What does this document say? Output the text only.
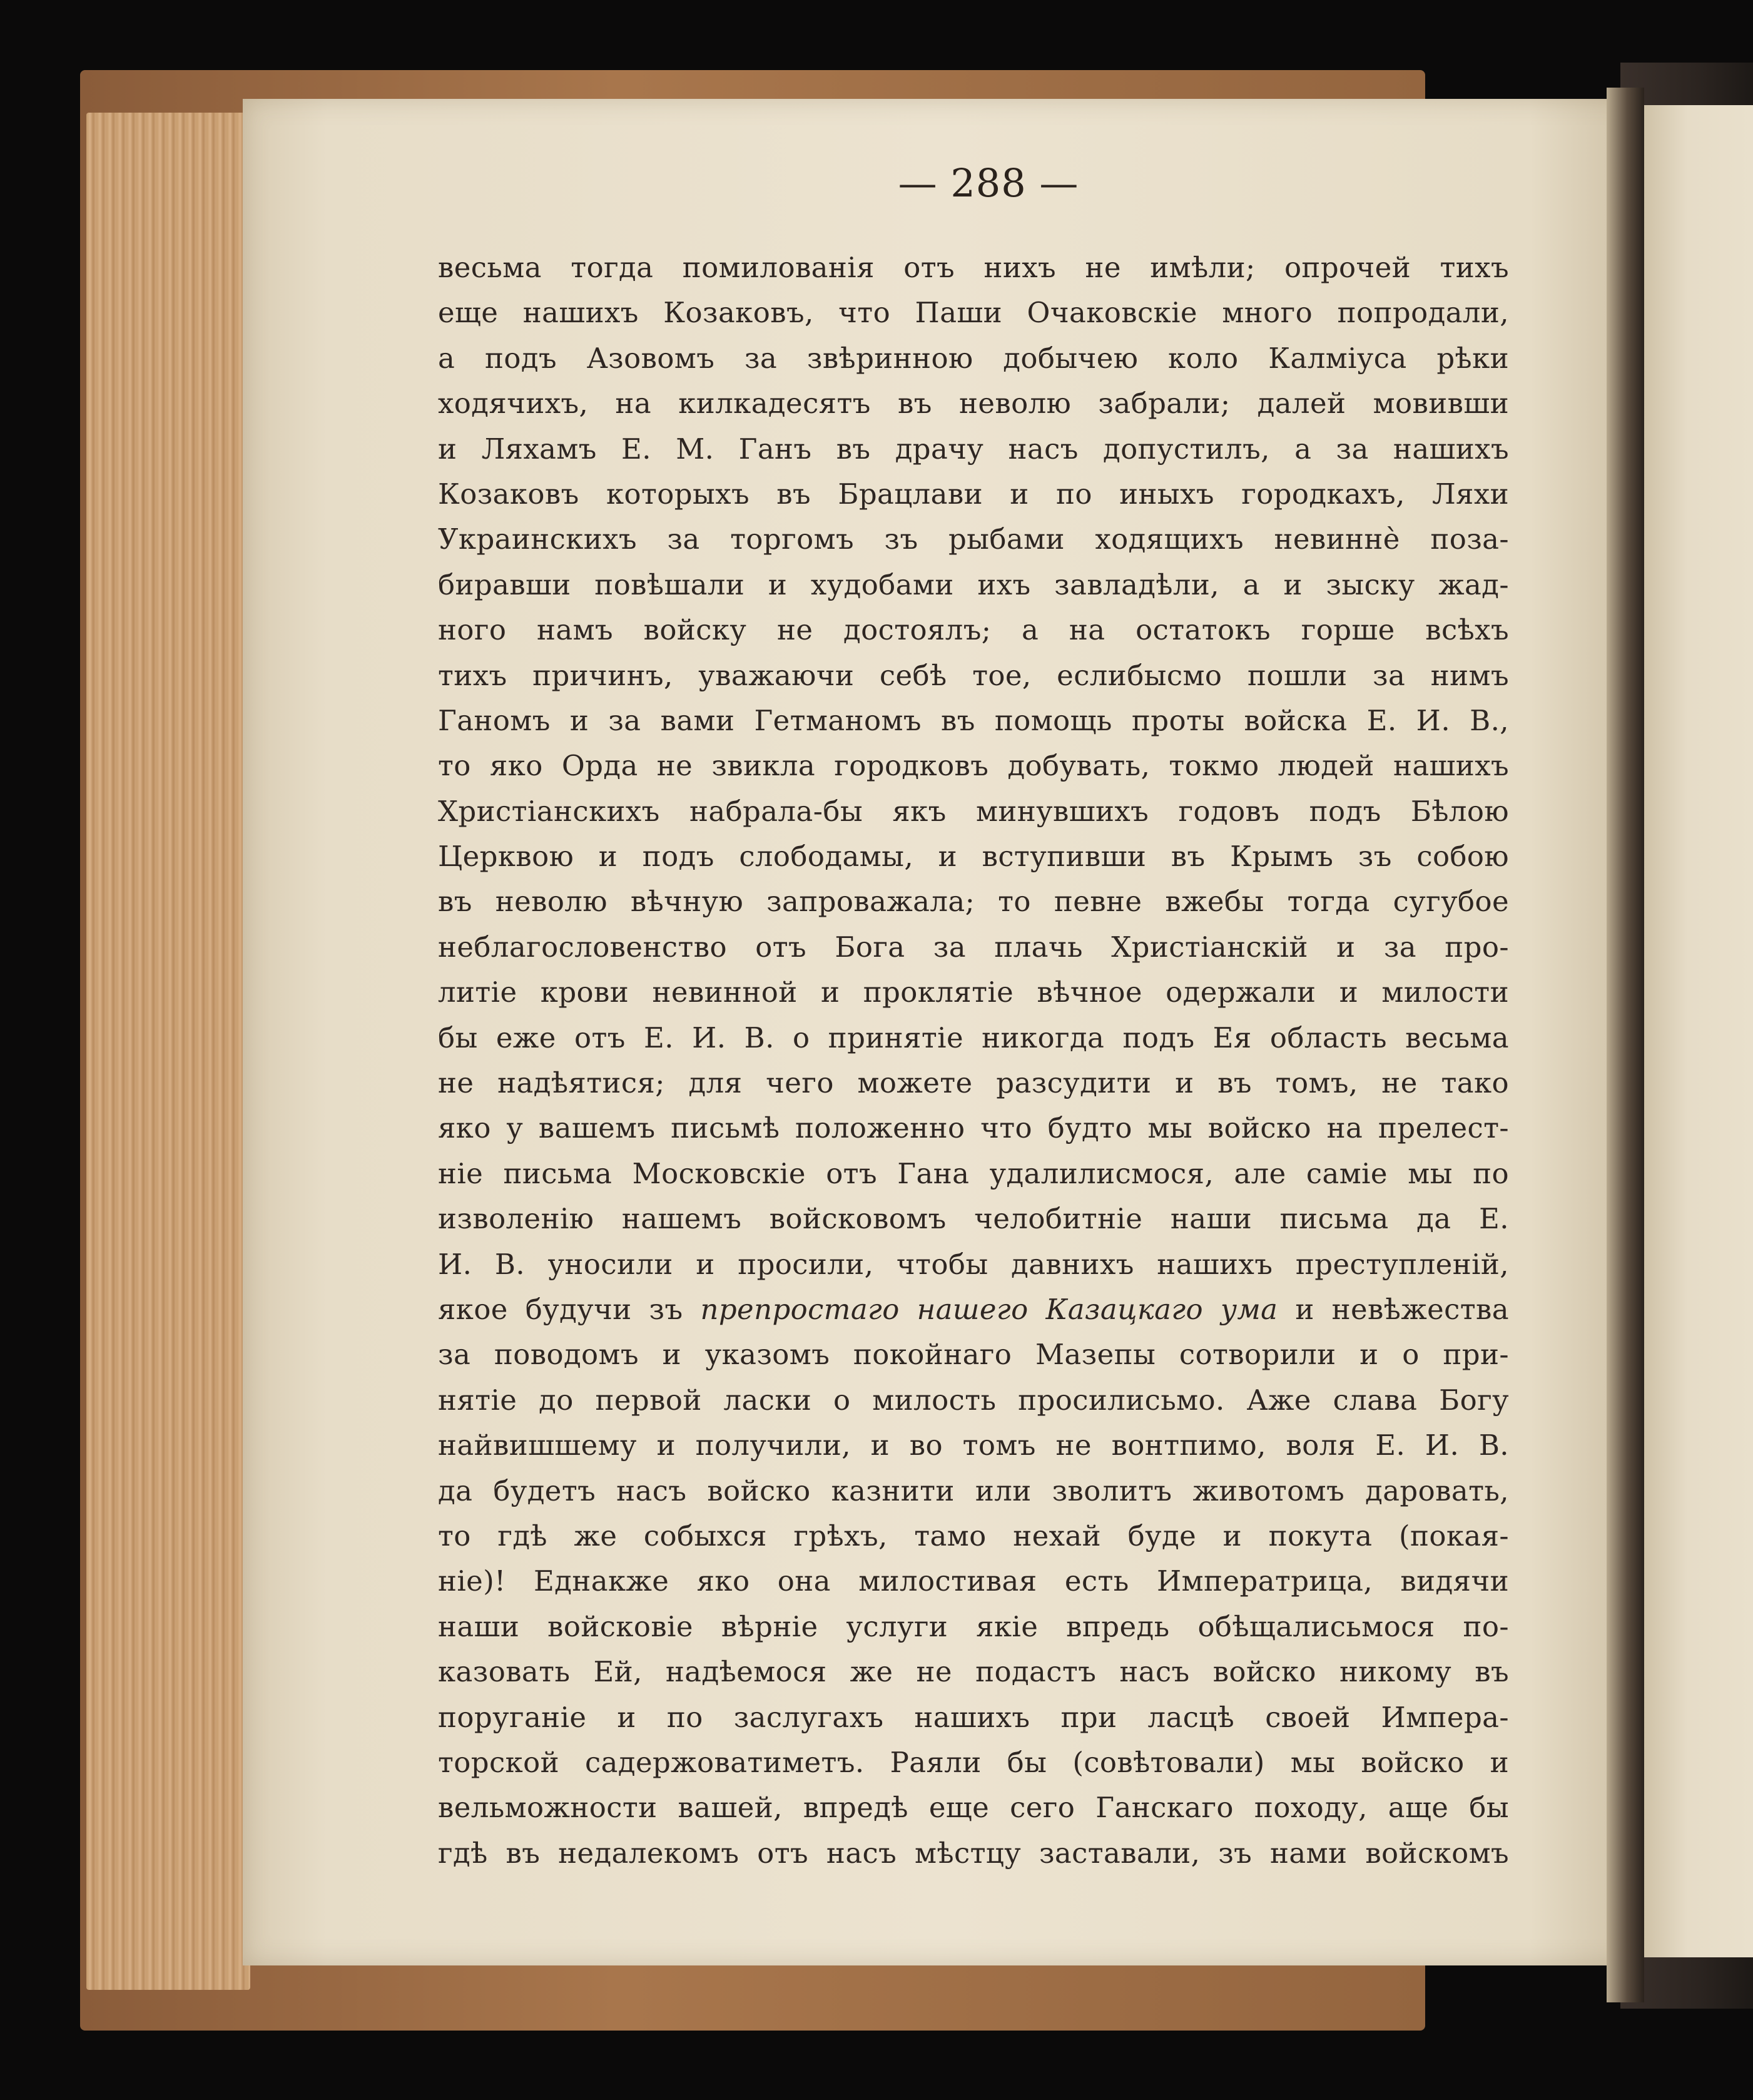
— 288 —
весьма тогда помилованія отъ нихъ не имѣли; опрочей тихъ
еще нашихъ Козаковъ, что Паши Очаковскіе много попродали,
а подъ Азовомъ за звѣринною добычею коло Калміуса рѣки
ходячихъ, на килкадесятъ въ неволю забрали; далей мовивши
и Ляхамъ Е. М. Ганъ въ драчу насъ допустилъ, а за нашихъ
Козаковъ которыхъ въ Брацлави и по иныхъ городкахъ, Ляхи
Украинскихъ за торгомъ зъ рыбами ходящихъ невиннѐ поза-
биравши повѣшали и худобами ихъ завладѣли, а и зыску жад-
ного намъ войску не достоялъ; а на остатокъ горше всѣхъ
тихъ причинъ, уважаючи себѣ тое, еслибысмо пошли за нимъ
Ганомъ и за вами Гетманомъ въ помощь проты войска Е. И. В.,
то яко Орда не звикла городковъ добувать, токмо людей нашихъ
Христіанскихъ набрала-бы якъ минувшихъ годовъ подъ Бѣлою
Церквою и подъ слободамы, и вступивши въ Крымъ зъ собою
въ неволю вѣчную запроважала; то певне вжебы тогда сугубое
неблагословенство отъ Бога за плачь Христіанскій и за про-
литіе крови невинной и проклятіе вѣчное одержали и милости
бы еже отъ Е. И. В. о принятіе никогда подъ Ея область весьма
не надѣятися; для чего можете разсудити и въ томъ, не тако
яко у вашемъ письмѣ положенно что будто мы войско на прелест-
ніе письма Московскіе отъ Гана удалилисмося, але саміе мы по
изволенію нашемъ войсковомъ челобитніе наши письма да Е.
И. В. уносили и просили, чтобы давнихъ нашихъ преступленій,
якое будучи зъ препростаго нашего Казацкаго ума и невѣжества
за поводомъ и указомъ покойнаго Мазепы сотворили и о при-
нятіе до первой ласки о милость просилисьмо. Аже слава Богу
найвишшему и получили, и во томъ не вонтпимо, воля Е. И. В.
да будетъ насъ войско казнити или зволитъ животомъ даровать,
то гдѣ же собыхся грѣхъ, тамо нехай буде и покута (покая-
ніе)! Еднакже яко она милостивая есть Императрица, видячи
наши войсковіе вѣрніе услуги якіе впредь обѣщалисьмося по-
казовать Ей, надѣемося же не подастъ насъ войско никому въ
поруганіе и по заслугахъ нашихъ при ласцѣ своей Импера-
торской садержоватиметъ. Раяли бы (совѣтовали) мы войско и
вельможности вашей, впредѣ еще сего Ганскаго походу, аще бы
гдѣ въ недалекомъ отъ насъ мѣстцу заставали, зъ нами войскомъ
